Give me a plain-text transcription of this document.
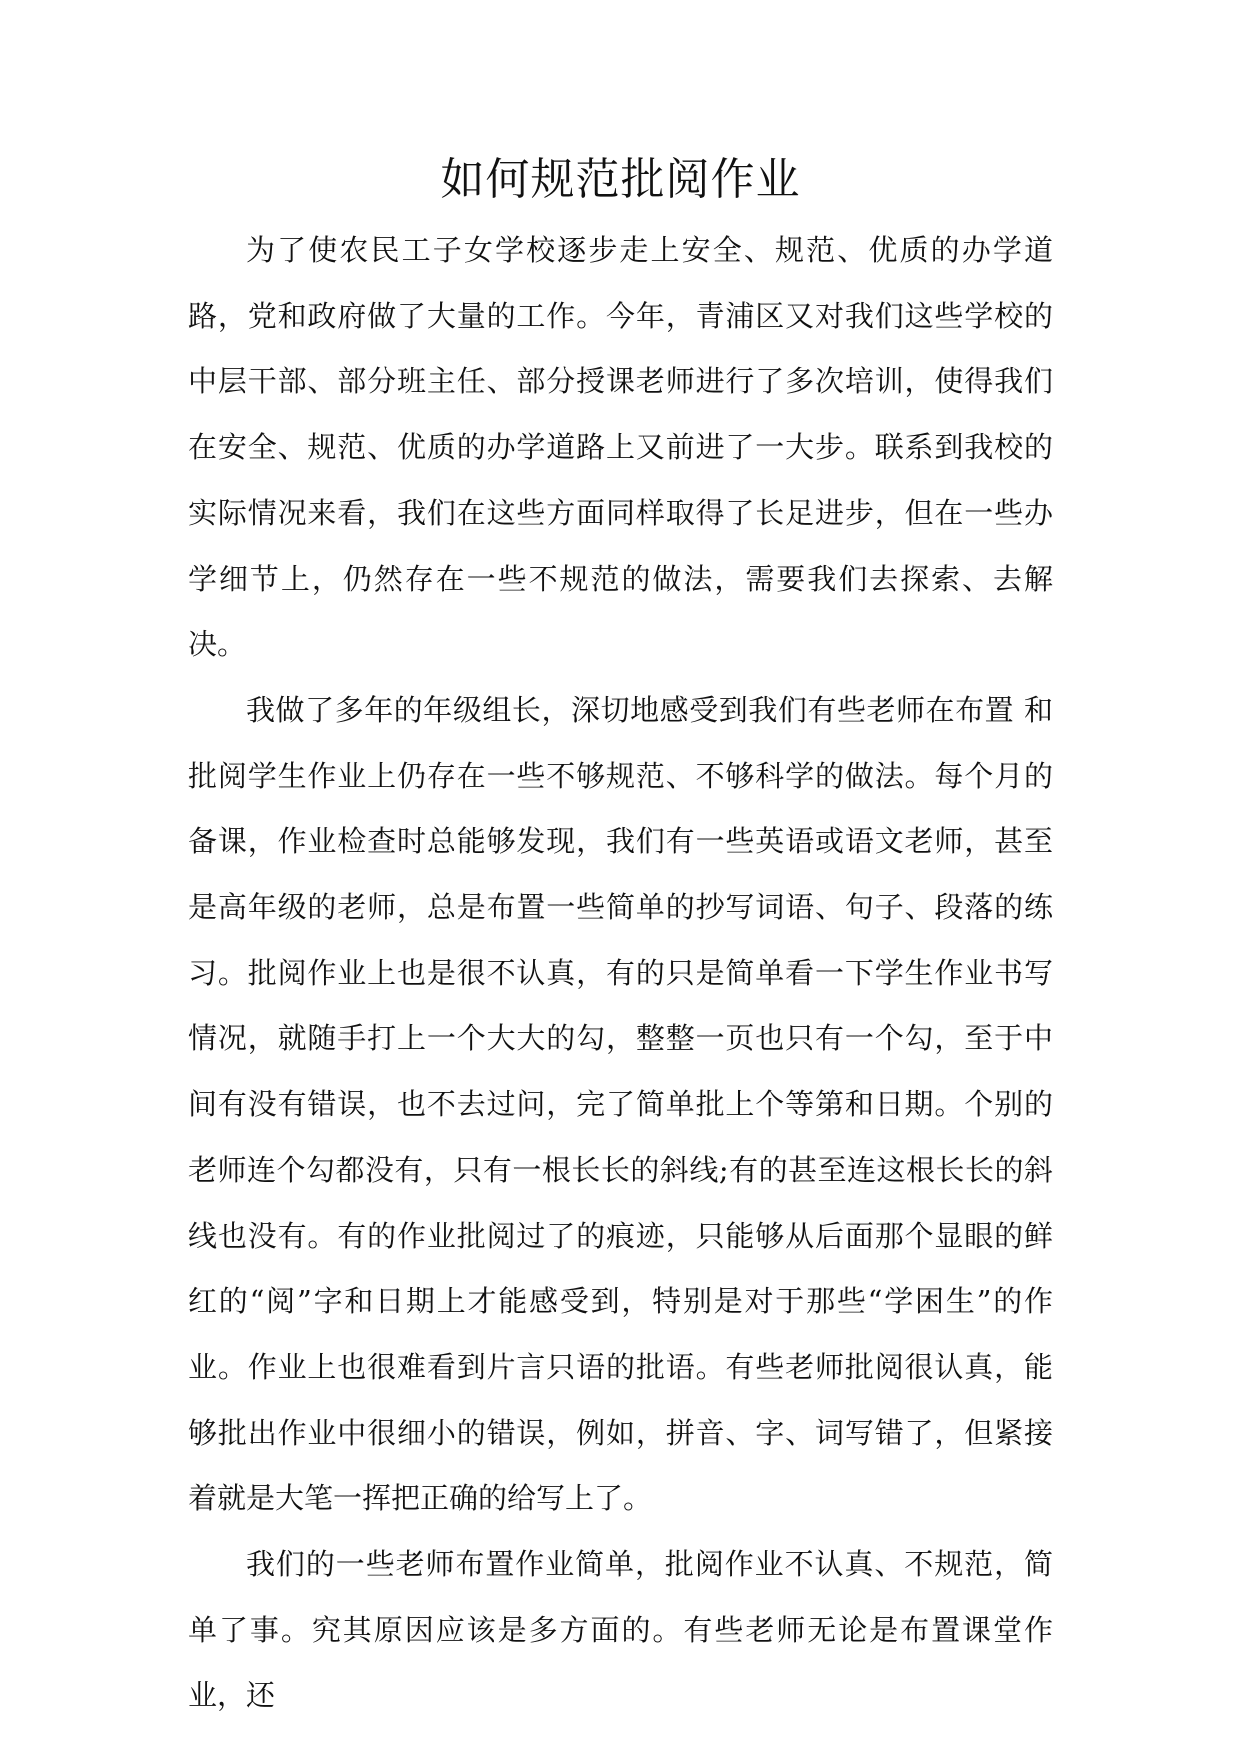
如何规范批阅作业

为了使农民工子女学校逐步走上安全、规范、优质的办学道 路，党和政府做了大量的工作。今年，青浦区又对我们这些学校的中层干部、部分班主任、部分授课老师进行了多次培训，使得我们在安全、规范、优质的办学道路上又前进了一大步。联系到我校的实际情况来看，我们在这些方面同样取得了长足进步，但在一些办学细节上，仍然存在一些不规范的做法，需要我们去探索、去解决。

我做了多年的年级组长，深切地感受到我们有些老师在布置 和批阅学生作业上仍存在一些不够规范、不够科学的做法。每个月的备课，作业检查时总能够发现，我们有一些英语或语文老师，甚至是高年级的老师，总是布置一些简单的抄写词语、句子、段落的练习。批阅作业上也是很不认真，有的只是简单看一下学生作业书写情况，就随手打上一个大大的勾，整整一页也只有一个勾，至于中间有没有错误，也不去过问，完了简单批上个等第和日期。个别的老师连个勾都没有，只有一根长长的斜线;有的甚至连这根长长的斜线也没有。有的作业批阅过了的痕迹，只能够从后面那个显眼的鲜红的“阅”字和日期上才能感受到，特别是对于那些“学困生”的作业。作业上也很难看到片言只语的批语。有些老师批阅很认真，能够批出作业中很细小的错误，例如，拼音、字、词写错了，但紧接着就是大笔一挥把正确的给写上了。

我们的一些老师布置作业简单，批阅作业不认真、不规范，简单了事。究其原因应该是多方面的。有些老师无论是布置课堂作业，还
